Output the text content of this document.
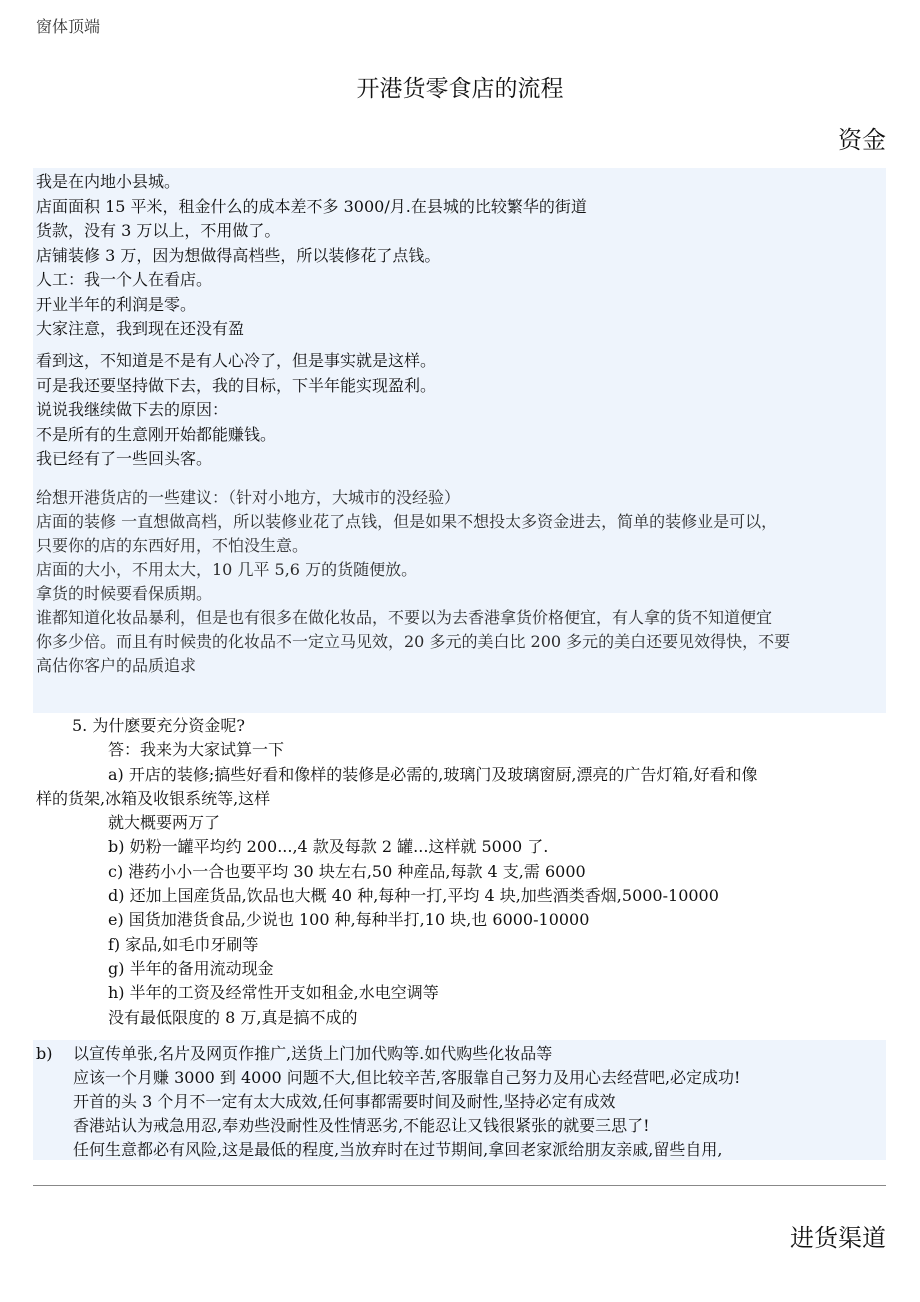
窗体顶端
开港货零食店的流程
资金
我是在内地小县城。
店面面积 15 平米，租金什么的成本差不多 3000/月.在县城的比较繁华的街道
货款，没有 3 万以上，不用做了。
店铺装修 3 万，因为想做得高档些，所以装修花了点钱。
人工：我一个人在看店。
开业半年的利润是零。
大家注意，我到现在还没有盈
看到这，不知道是不是有人心冷了，但是事实就是这样。
可是我还要坚持做下去，我的目标，下半年能实现盈利。
说说我继续做下去的原因：
不是所有的生意刚开始都能赚钱。
我已经有了一些回头客。
给想开港货店的一些建议：（针对小地方，大城市的没经验）
店面的装修 一直想做高档，所以装修业花了点钱，但是如果不想投太多资金进去，简单的装修业是可以，
只要你的店的东西好用，不怕没生意。
店面的大小，不用太大，10 几平 5,6 万的货随便放。
拿货的时候要看保质期。
谁都知道化妆品暴利，但是也有很多在做化妆品，不要以为去香港拿货价格便宜，有人拿的货不知道便宜
你多少倍。而且有时候贵的化妆品不一定立马见效，20 多元的美白比 200 多元的美白还要见效得快，不要
高估你客户的品质追求
5. 为什麽要充分资金呢?
答：我来为大家试算一下
a) 开店的装修;搞些好看和像样的装修是必需的,玻璃门及玻璃窗厨,漂亮的广告灯箱,好看和像
样的货架,冰箱及收银系统等,这样
就大概要两万了
b) 奶粉一罐平均约 200...,4 款及每款 2 罐...这样就 5000 了.
c) 港药小小一合也要平均 30 块左右,50 种産品,每款 4 支,需 6000
d) 还加上国産货品,饮品也大概 40 种,每种一打,平均 4 块,加些酒类香烟,5000-10000
e) 国货加港货食品,少说也 100 种,每种半打,10 块,也 6000-10000
f) 家品,如毛巾牙刷等
g) 半年的备用流动现金
h) 半年的工资及经常性开支如租金,水电空调等
没有最低限度的 8 万,真是搞不成的
b) 以宣传单张,名片及网页作推广,送货上门加代购等.如代购些化妆品等
应该一个月赚 3000 到 4000 问题不大,但比较辛苦,客服靠自己努力及用心去经营吧,必定成功!
开首的头 3 个月不一定有太大成效,任何事都需要时间及耐性,坚持必定有成效
香港站认为戒急用忍,奉劝些没耐性及性情恶劣,不能忍让又钱很紧张的就要三思了!
任何生意都必有风险,这是最低的程度,当放弃时在过节期间,拿回老家派给朋友亲戚,留些自用,
进货渠道
